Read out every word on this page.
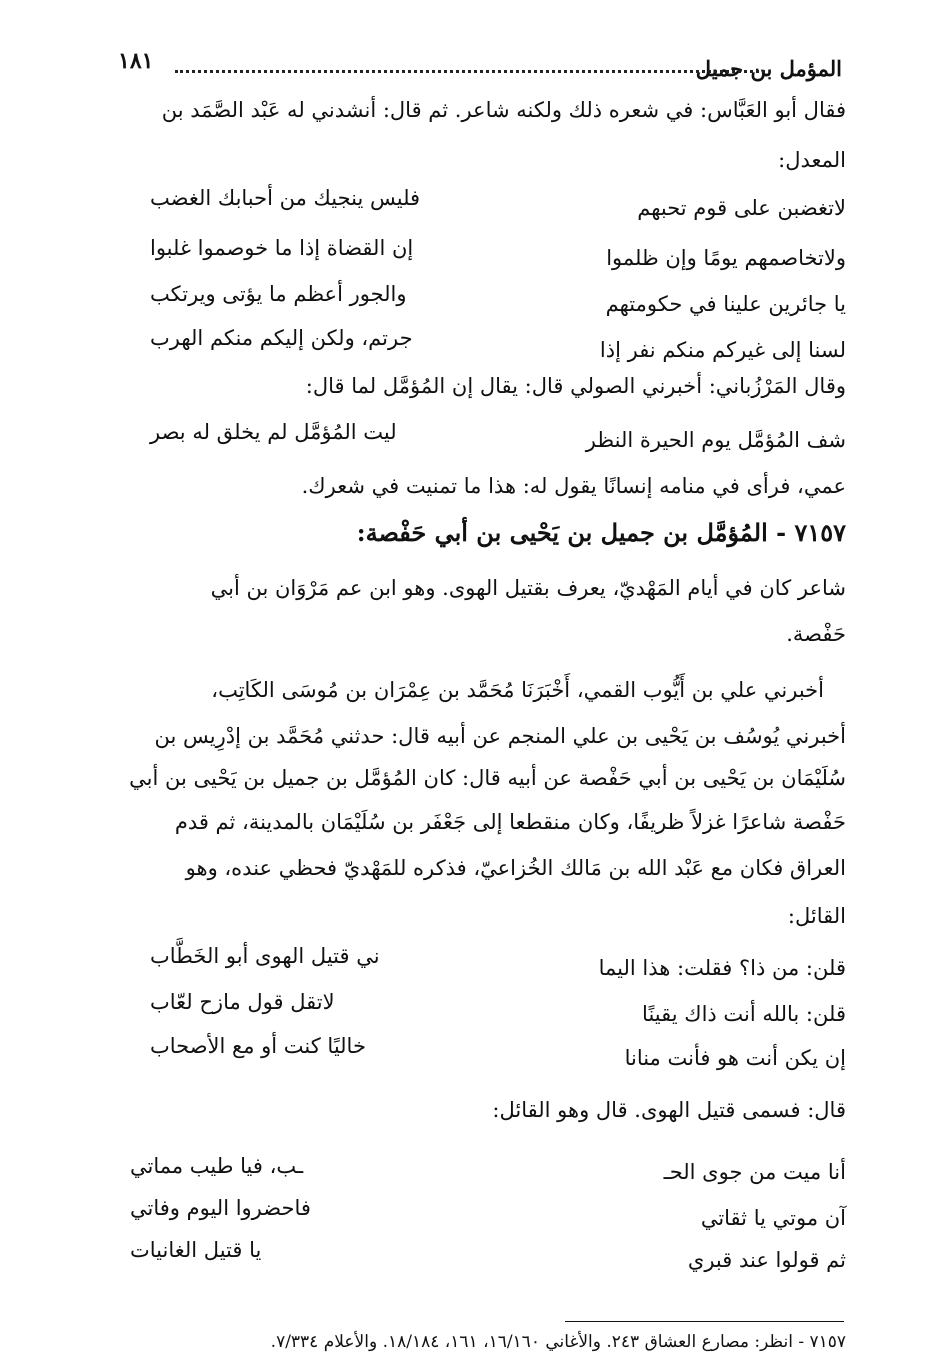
المؤمل بن جميل
١٨١
فقال أبو العَبَّاس: في شعره ذلك ولكنه شاعر. ثم قال: أنشدني له عَبْد الصَّمَد بن
المعدل:
لاتغضبن على قوم تحبهم
فليس ينجيك من أحبابك الغضب
ولاتخاصمهم يومًا وإن ظلموا
إن القضاة إذا ما خوصموا غلبوا
يا جائرين علينا في حكومتهم
والجور أعظم ما يؤتى ويرتكب
لسنا إلى غيركم منكم نفر إذا
جرتم، ولكن إليكم منكم الهرب
وقال المَرْزُباني: أخبرني الصولي قال: يقال إن المُؤمَّل لما قال:
شف المُؤمَّل يوم الحيرة النظر
ليت المُؤمَّل لم يخلق له بصر
عمي، فرأى في منامه إنسانًا يقول له: هذا ما تمنيت في شعرك.
٧١٥٧ - المُؤمَّل بن جميل بن يَحْيى بن أبي حَفْصة:
شاعر كان في أيام المَهْديّ، يعرف بقتيل الهوى. وهو ابن عم مَرْوَان بن أبي
حَفْصة.
أخبرني علي بن أَيُّوب القمي، أَخْبَرَنَا مُحَمَّد بن عِمْرَان بن مُوسَى الكَاتِب،
أخبرني يُوسُف بن يَحْيى بن علي المنجم عن أبيه قال: حدثني مُحَمَّد بن إدْرِيس بن
سُلَيْمَان بن يَحْيى بن أبي حَفْصة عن أبيه قال: كان المُؤمَّل بن جميل بن يَحْيى بن أبي
حَفْصة شاعرًا غزلاً ظريفًا، وكان منقطعا إلى جَعْفَر بن سُلَيْمَان بالمدينة، ثم قدم
العراق فكان مع عَبْد الله بن مَالك الخُزاعيّ، فذكره للمَهْديّ فحظي عنده، وهو
القائل:
قلن: من ذا؟ فقلت: هذا اليما
ني قتيل الهوى أبو الخَطَّاب
قلن: بالله أنت ذاك يقينًا
لاتقل قول مازح لعّاب
إن يكن أنت هو فأنت منانا
خاليًا كنت أو مع الأصحاب
قال: فسمى قتيل الهوى. قال وهو القائل:
أنا ميت من جوى الحـ
ـب، فيا طيب مماتي
آن موتي يا ثقاتي
فاحضروا اليوم وفاتي
ثم قولوا عند قبري
يا قتيل الغانيات
٧١٥٧ - انظر: مصارع العشاق ٢٤٣. والأغاني ١٦/١٦٠، ١٦١، ١٨/١٨٤. والأعلام ٧/٣٣٤.
